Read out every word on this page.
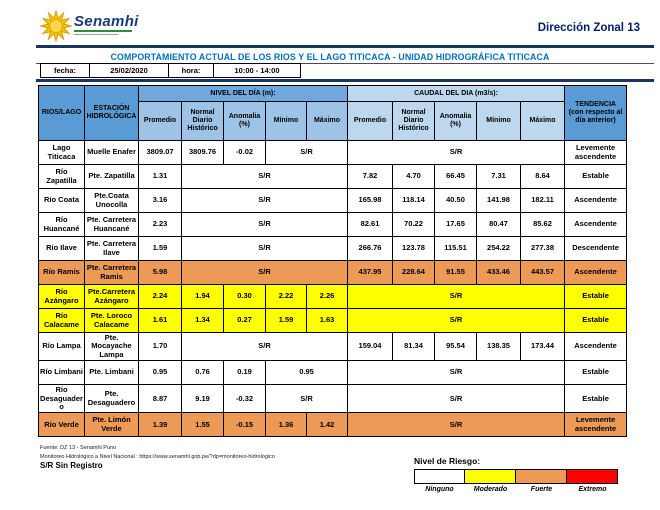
Senamhi	Dirección Zonal 13
COMPORTAMIENTO ACTUAL DE LOS RIOS Y EL LAGO TITICACA - UNIDAD HIDROGRÁFICA TITICACA
fecha:	25/02/2020	hora:	10:00 - 14:00
RIOS/LAGO	ESTACIÓN HIDROLÓGICA	NIVEL DEL DÍA (m):					CAUDAL DEL DIA (m3/s):					TENDENCIA
(con respecto al día anterior)

		Promedio	Normal Diario Histórico	Anomalia (%)	Mínimo	Máximo	Promedio	Normal Diario Histórico	Anomalia (%)	Mínimo	Máximo	
Lago Titicaca	Muelle Enafer	3809.07	3809.76	-0.02	S/R		S/R					Levemente ascendente
Río Zapatilla	Pte. Zapatilla	1.31	S/R				7.82	4.70	66.45	7.31	8.64	Estable
Río Coata	Pte.Coata Unocolla	3.16	S/R				165.98	118.14	40.50	141.98	182.11	Ascendente
Río Huancané	Pte. Carretera Huancané	2.23	S/R				82.61	70.22	17.65	80.47	85.62	Ascendente
Río Ilave	Pte. Carretera Ilave	1.59	S/R				266.76	123.78	115.51	254.22	277.38	Descendente
Río Ramis	Pte. Carretera Ramis	5.98	S/R				437.95	228.64	91.55	433.46	443.57	Ascendente
Río Azángaro	Pte.Carretera Azángaro	2.24	1.94	0.30	2.22	2.26	S/R					Estable
Río Calacame	Pte. Loroco Calacame	1.61	1.34	0.27	1.59	1.63	S/R					Estable
Río Lampa	Pte. Mocayache Lampa	1.70	S/R				159.04	81.34	95.54	138.35	173.44	Ascendente
Río Limbani	Pte. Limbani	0.95	0.76	0.19	0.95		S/R					Estable
Río Desaguadero	Pte. Desaguadero	8.87	9.19	-0.32	S/R		S/R					Estable
Río Verde	Pte. Limón Verde	1.39	1.55	-0.15	1.36	1.42	S/R					Levemente ascendente
Fuente: DZ 13 - Senamhi Puno
Monitoreo Hidrológico a Nivel Nacional : https://www.senamhi.gob.pe/?dp=monitoreo-hidrologico
S/R Sin Registro	Nivel de Riesgo:
Ninguno	Moderado	Fuerte	Extremo
